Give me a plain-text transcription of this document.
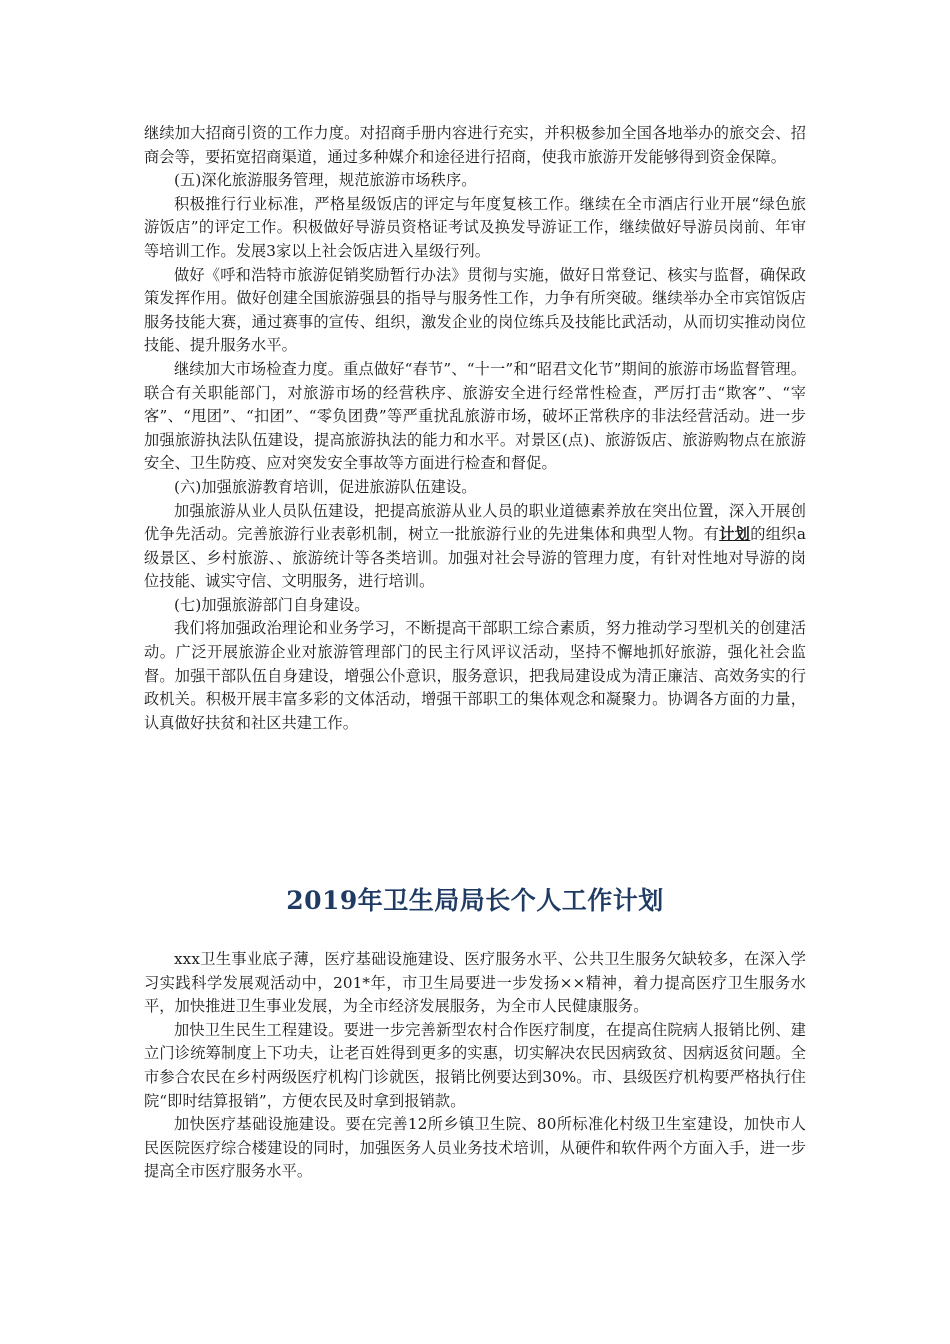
继续加大招商引资的工作力度。对招商手册内容进行充实，并积极参加全国各地举办的旅交会、招商会等，要拓宽招商渠道，通过多种媒介和途径进行招商，使我市旅游开发能够得到资金保障。

(五)深化旅游服务管理，规范旅游市场秩序。

积极推行行业标准，严格星级饭店的评定与年度复核工作。继续在全市酒店行业开展“绿色旅游饭店”的评定工作。积极做好导游员资格证考试及换发导游证工作，继续做好导游员岗前、年审等培训工作。发展3家以上社会饭店进入星级行列。

做好《呼和浩特市旅游促销奖励暂行办法》贯彻与实施，做好日常登记、核实与监督，确保政策发挥作用。做好创建全国旅游强县的指导与服务性工作，力争有所突破。继续举办全市宾馆饭店服务技能大赛，通过赛事的宣传、组织，激发企业的岗位练兵及技能比武活动，从而切实推动岗位技能、提升服务水平。

继续加大市场检查力度。重点做好“春节”、“十一”和“昭君文化节”期间的旅游市场监督管理。联合有关职能部门，对旅游市场的经营秩序、旅游安全进行经常性检查，严厉打击“欺客”、“宰客”、“甩团”、“扣团”、“零负团费”等严重扰乱旅游市场，破坏正常秩序的非法经营活动。进一步加强旅游执法队伍建设，提高旅游执法的能力和水平。对景区(点)、旅游饭店、旅游购物点在旅游安全、卫生防疫、应对突发安全事故等方面进行检查和督促。

(六)加强旅游教育培训，促进旅游队伍建设。

加强旅游从业人员队伍建设，把提高旅游从业人员的职业道德素养放在突出位置，深入开展创优争先活动。完善旅游行业表彰机制，树立一批旅游行业的先进集体和典型人物。有计划的组织a级景区、乡村旅游、、旅游统计等各类培训。加强对社会导游的管理力度，有针对性地对导游的岗位技能、诚实守信、文明服务，进行培训。

(七)加强旅游部门自身建设。

我们将加强政治理论和业务学习，不断提高干部职工综合素质，努力推动学习型机关的创建活动。广泛开展旅游企业对旅游管理部门的民主行风评议活动，坚持不懈地抓好旅游，强化社会监督。加强干部队伍自身建设，增强公仆意识，服务意识，把我局建设成为清正廉洁、高效务实的行政机关。积极开展丰富多彩的文体活动，增强干部职工的集体观念和凝聚力。协调各方面的力量，认真做好扶贫和社区共建工作。

2019年卫生局局长个人工作计划

xxx卫生事业底子薄，医疗基础设施建设、医疗服务水平、公共卫生服务欠缺较多，在深入学习实践科学发展观活动中，201*年，市卫生局要进一步发扬××精神，着力提高医疗卫生服务水平，加快推进卫生事业发展，为全市经济发展服务，为全市人民健康服务。

加快卫生民生工程建设。要进一步完善新型农村合作医疗制度，在提高住院病人报销比例、建立门诊统筹制度上下功夫，让老百姓得到更多的实惠，切实解决农民因病致贫、因病返贫问题。全市参合农民在乡村两级医疗机构门诊就医，报销比例要达到30%。市、县级医疗机构要严格执行住院“即时结算报销”，方便农民及时拿到报销款。

加快医疗基础设施建设。要在完善12所乡镇卫生院、80所标准化村级卫生室建设，加快市人民医院医疗综合楼建设的同时，加强医务人员业务技术培训，从硬件和软件两个方面入手，进一步提高全市医疗服务水平。
